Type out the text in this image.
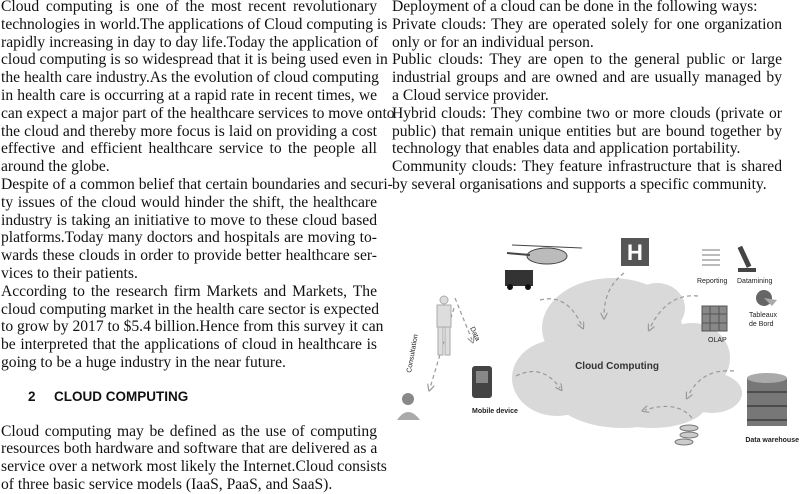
Cloud computing is one of the most recent revolutionary
technologies in world.The applications of Cloud computing is
rapidly increasing in day to day life.Today the application of
cloud computing is so widespread that it is being used even in
the health care industry.As the evolution of cloud computing
in health care is occurring at a rapid rate in recent times, we
can expect a major part of the healthcare services to move onto
the cloud and thereby more focus is laid on providing a cost
effective and efficient healthcare service to the people all
around the globe.
Despite of a common belief that certain boundaries and securi-
ty issues of the cloud would hinder the shift, the healthcare
industry is taking an initiative to move to these cloud based
platforms.Today many doctors and hospitals are moving to-
wards these clouds in order to provide better healthcare ser-
vices to their patients.
According to the research firm Markets and Markets, The
cloud computing market in the health care sector is expected
to grow by 2017 to $5.4 billion.Hence from this survey it can
be interpreted that the applications of cloud in healthcare is
going to be a huge industry in the near future.
2 CLOUD COMPUTING
Cloud computing may be defined as the use of computing
resources both hardware and software that are delivered as a
service over a network most likely the Internet.Cloud consists
of three basic service models (IaaS, PaaS, and SaaS).
Deployment of a cloud can be done in the following ways:
Private clouds: They are operated solely for one organization
only or for an individual person.
Public clouds: They are open to the general public or large
industrial groups and are owned and are usually managed by
a Cloud service provider.
Hybrid clouds: They combine two or more clouds (private or
public) that remain unique entities but are bound together by
technology that enables data and application portability.
Community clouds: They feature infrastructure that is shared
by several organisations and supports a specific community.
Cloud Computing
H
Reporting Datamining
OLAP
Tableaux
de Bord
Consultation	Data
Mobile device
Data warehouse
